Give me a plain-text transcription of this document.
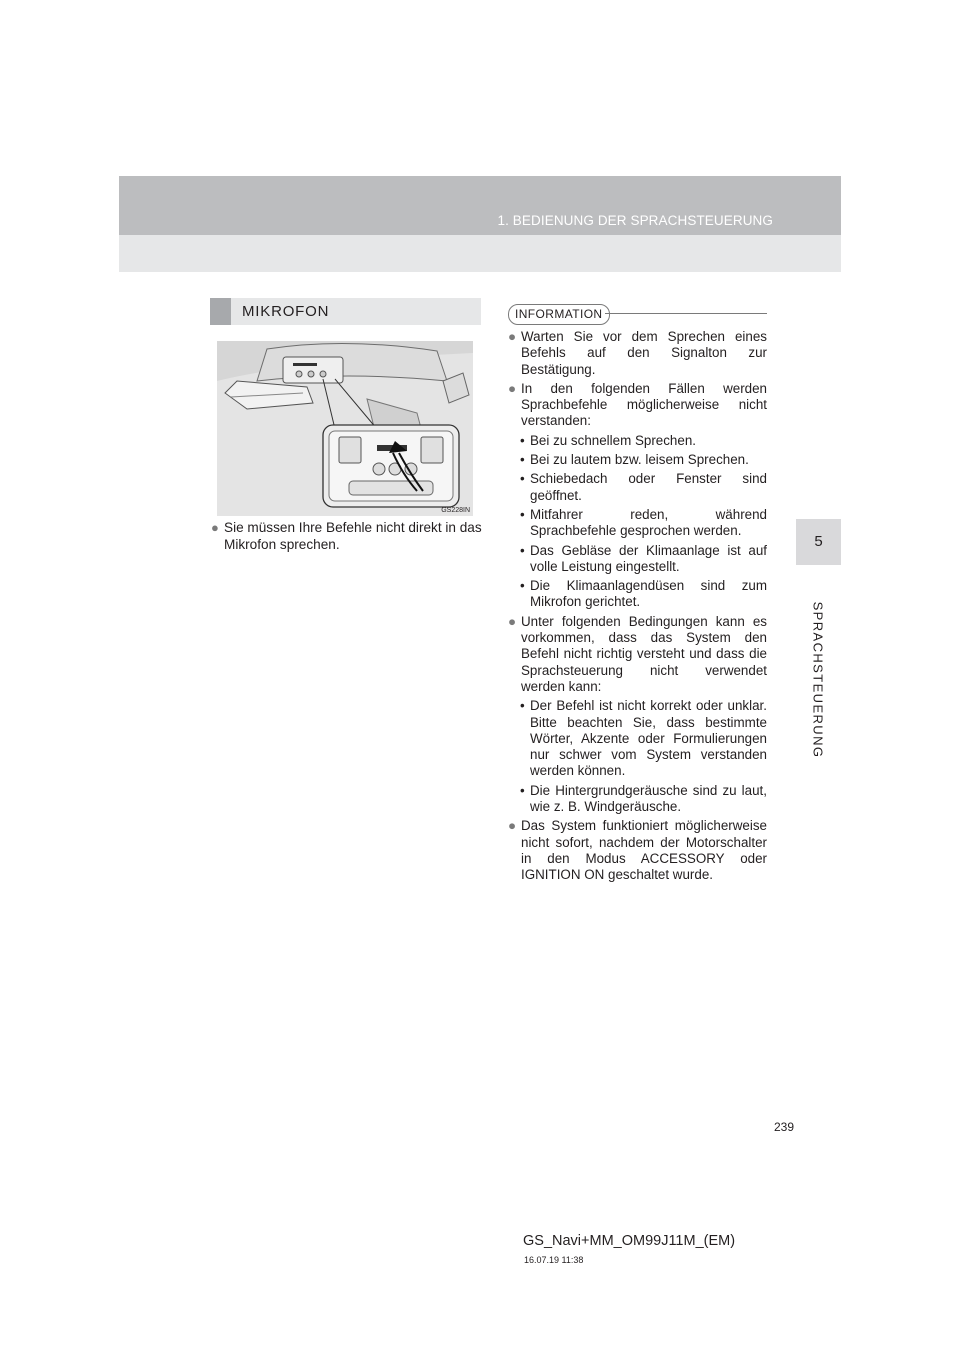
1. BEDIENUNG DER SPRACHSTEUERUNG
5
SPRACHSTEUERUNG
MIKROFON
GS228IN
● Sie müssen Ihre Befehle nicht direkt in das Mikrofon sprechen.
INFORMATION
● Warten Sie vor dem Sprechen eines Befehls auf den Signalton zur Bestätigung.

● In den folgenden Fällen werden Sprachbefehle möglicherweise nicht verstanden:

• Bei zu schnellem Sprechen.

• Bei zu lautem bzw. leisem Sprechen.

• Schiebedach oder Fenster sind geöffnet.

• Mitfahrer reden, während Sprachbefehle gesprochen werden.

• Das Gebläse der Klimaanlage ist auf volle Leistung eingestellt.

• Die Klimaanlagendüsen sind zum Mikrofon gerichtet.

● Unter folgenden Bedingungen kann es vorkommen, dass das System den Befehl nicht richtig versteht und dass die Sprachsteuerung nicht verwendet werden kann:

• Der Befehl ist nicht korrekt oder unklar. Bitte beachten Sie, dass bestimmte Wörter, Akzente oder Formulierungen nur schwer vom System verstanden werden können.

• Die Hintergrundgeräusche sind zu laut, wie z. B. Windgeräusche.

● Das System funktioniert möglicherweise nicht sofort, nachdem der Motorschalter in den Modus ACCESSORY oder IGNITION ON geschaltet wurde.

239
GS_Navi+MM_OM99J11M_(EM)
16.07.19 11:38
